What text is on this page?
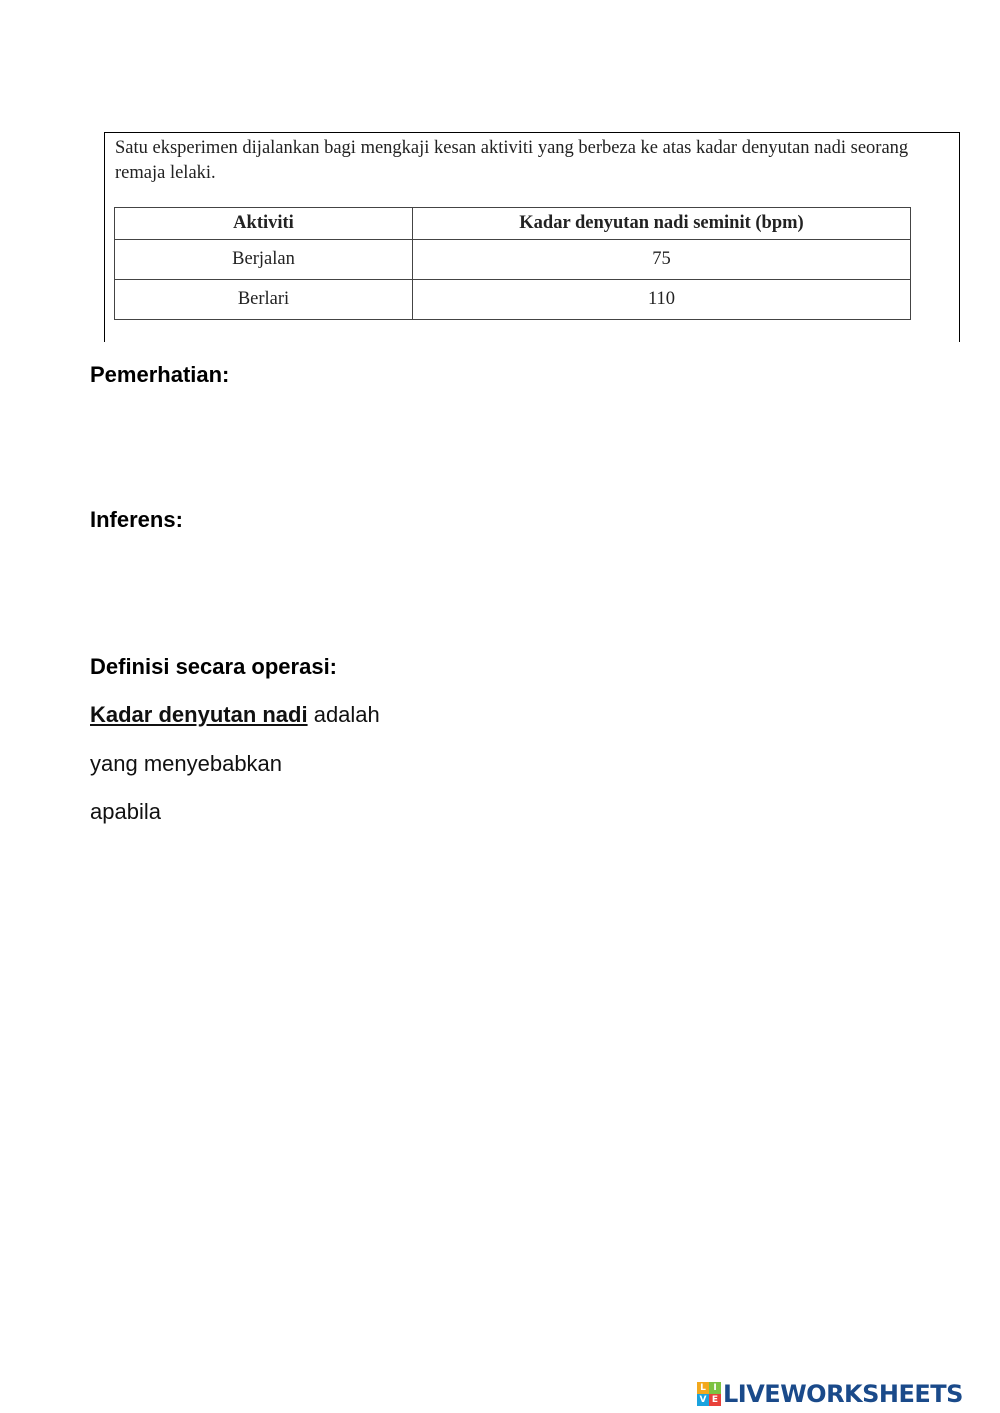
Satu eksperimen dijalankan bagi mengkaji kesan aktiviti yang berbeza ke atas kadar denyutan nadi seorang remaja lelaki.
Aktiviti	Kadar denyutan nadi seminit (bpm)
Berjalan	75
Berlari	110
Pemerhatian:
Inferens:
Definisi secara operasi:
Kadar denyutan nadi adalah
yang menyebabkan
apabila
L I
V E LIVEWORKSHEETS
